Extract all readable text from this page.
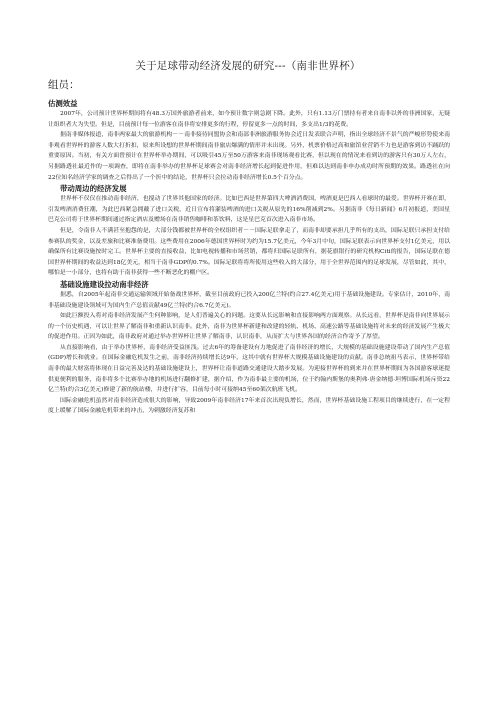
关于足球带动经济发展的研究---（南非世界杯）
组员：
估测效益

2007年，公司预计世界杯期间将有48.3万国外旅游者前来，如今预计数字则急剧下降。此外，只有1.13万门票持有者来自南非以外的非洲国家，无疑让组织者大为失望。但是，目前预计每一位游客在南非将安排更多的行程，停留更多一点的时间，多支出1/3的花费。

据南非媒体报道，南非两家最大的旅游机构－－南非接待同盟协会和南部非洲旅游服务协会近日发表联合声明，指出全球经济不景气的严峻形势使来南非观看世界杯的游客人数大打折扣，原来所设想的世界杯期间南非旅店爆满的情形并未出现。另外，机票价格过高和旅馆业营销不力也是游客到访不踊跃的重要原因。当初，有关方面曾预计在世界杯举办期间，可以吸引45万至50万游客来南非现场观看比赛，但以现在的情况来看到访的游客只有30万人左右，另据路透社最近作的一项调查，即将在南非举办的世界杯足球赛会对南非经济增长起到促进作用，但难以达到南非申办成功时所预期的效果。路透社在向22位知名经济学家的调查之后得出了一个折中的结论，世界杯只会拉动南非经济增长0.5个百分点。

带动周边的经济发展

世界杯不仅仅在推动南非经济，也搅动了世界其他国家的经济。比如巴西是世界第四大啤酒消费国，啤酒更是巴西人看球时的最爱。世界杯开赛在即，引发啤酒消费狂潮，为此巴西紧急拥戴了进口关税，近日宣布将灌装啤酒的进口关税从原先的16%削减到2%。另据南非《每日新闻》6月初报道，美国星巴克公司将于世界杯期间通过指定酒店及赠场在南非销售咖啡和茶饮料，这是星巴克首次进入南非市场。

但是，令南非人不满甚至抱怨的是，大部分钱都被世界杯的全权组织者－－国际足联拿走了，而南非却要承担几乎所有的支出，国际足联只承担支付给参赛队的奖金，以及差旅和比赛准备费用。这些费用在2006年德国世界杯时为约为15.7亿美元，今年3月中旬，国际足联表示向世界杯支付1亿美元，用以确保所有比赛设施按时完工。世界杯主要的直接收益，比如电视转播和市场营销，都将归国际足联所有，据花旗银行的研究机构Citi的报告，国际足联在德国世界杯期间的收益达到18亿美元，相当于南非GDP的0.7%。国际足联将将所使用这些收入的大部分，用于全世界范围内的足球发展，尽管如此，其中，哪怕是一小部分，也将有助于南非获得一些不断恶化的棚户区。

基础设施建设拉动南非经济

据悉，自2005年起南非交通运输领域开始备战世界杯，截至目前政府已投入200亿兰特(约合27.4亿美元)用于基础设施建设。专家估计，2010年，南非基础设施建设领域可为国内生产总值贡献49亿兰特(约合6.7亿美元)。

如此巨额投入将对南非经济发展产生何种影响，是人们普遍关心的问题。这要从长远影响和直接影响两方面观察。从长远看，世界杯是南非向世界展示的一个历史机遇，可以让世界了解南非和重新认识南非。此外，南非为世界杯新建和改建的轻轨、机场、高速公路等基础设施将对未来的经济发展产生极大的促进作用。正因为如此，南非政府对通过举办世界杯让世界了解南非，认识南非，从而扩大与世界各国的经济合作寄予了厚望。

从直接影响看，由于举办世界杯，南非经济受益匪浅。过去6年的筹备建设有力地促进了南非经济的增长，大规模的基础设施建设带动了国内生产总值(GDP)增长和就业。在国际金融危机发生之前，南非经济持续增长达9年，这其中就有世界杯大规模基础设施建设的贡献。南非总统祖马表示，世界杯带给南非的最大财富将体现在日益完善及达的基础设施建设上，世界杯让南非道路交通建设大踏步发展。为迎接世界杯的到来并在世界杯期间为各国游客球迷提供更便利的服务，南非将多个比赛举办地的机场进行翻修扩建，据介绍，作为南非最主要的机场，位于约翰内斯堡的奥利弗·唐金纳德·坦博国际机场斥资22亿兰特(约合3亿美元)修建了新的航站楼，并进行扩容，目前每小时可接纳45至60架次航班飞机。

国际金融危机虽然对南非经济造成很大的影响，导致2009年南非经济17年来首次出现负增长，然而，世界杯基础设施工程项目的继续进行，在一定程度上缓解了国际金融危机带来的冲击，为刺激经济复苏和
